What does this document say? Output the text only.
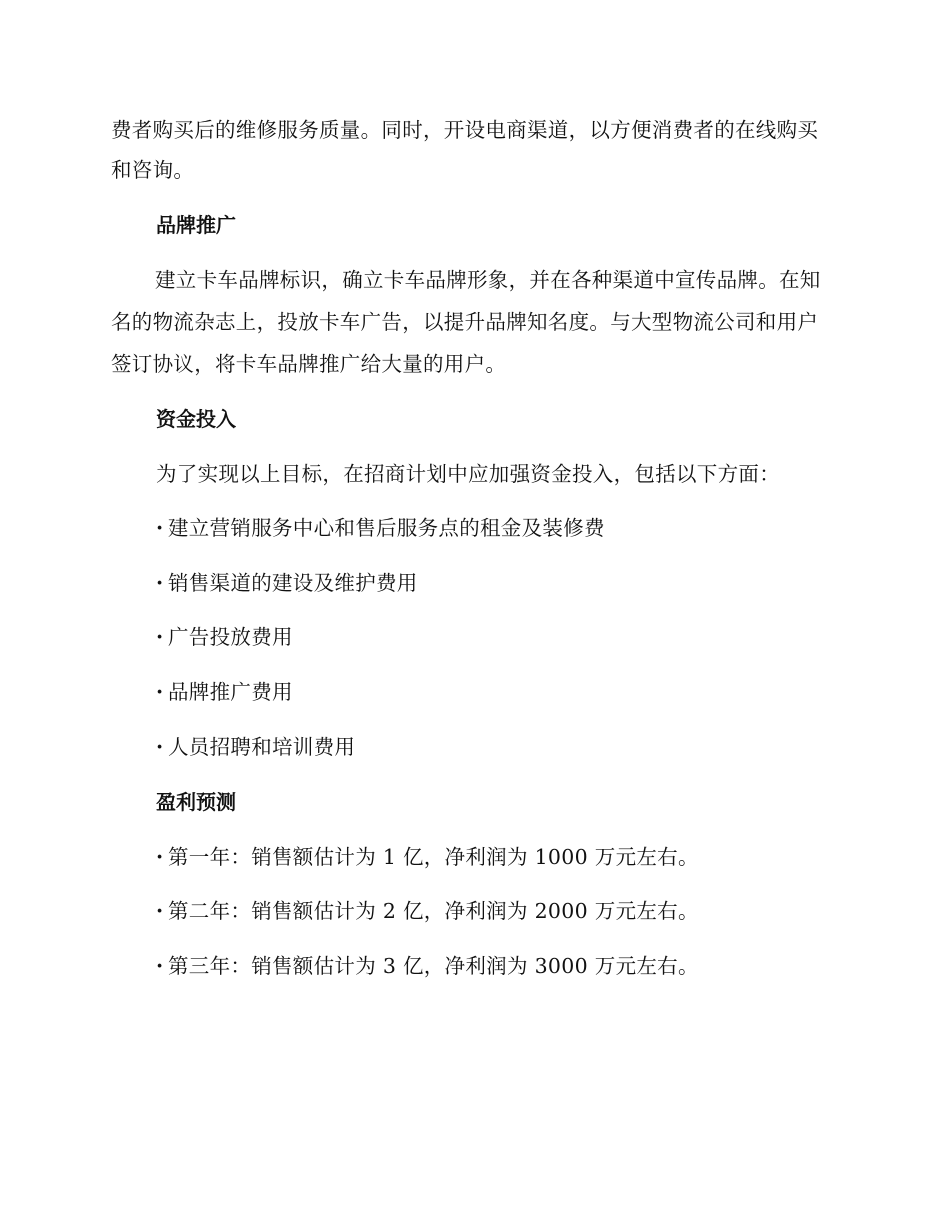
费者购买后的维修服务质量。同时，开设电商渠道，以方便消费者的在线购买和咨询。

品牌推广

建立卡车品牌标识，确立卡车品牌形象，并在各种渠道中宣传品牌。在知名的物流杂志上，投放卡车广告，以提升品牌知名度。与大型物流公司和用户签订协议，将卡车品牌推广给大量的用户。

资金投入

为了实现以上目标，在招商计划中应加强资金投入，包括以下方面：

· 建立营销服务中心和售后服务点的租金及装修费

· 销售渠道的建设及维护费用

· 广告投放费用

· 品牌推广费用

· 人员招聘和培训费用

盈利预测

· 第一年：销售额估计为 1 亿，净利润为 1000 万元左右。

· 第二年：销售额估计为 2 亿，净利润为 2000 万元左右。

· 第三年：销售额估计为 3 亿，净利润为 3000 万元左右。
